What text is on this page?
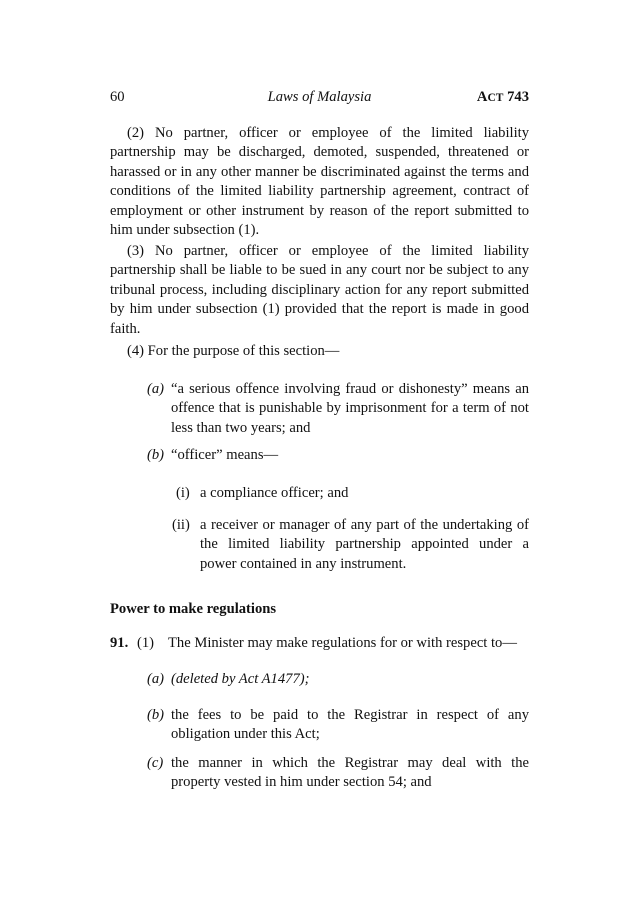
60	Laws of Malaysia	ACT 743
(2) No partner, officer or employee of the limited liability partnership may be discharged, demoted, suspended, threatened or harassed or in any other manner be discriminated against the terms and conditions of the limited liability partnership agreement, contract of employment or other instrument by reason of the report submitted to him under subsection (1).
(3) No partner, officer or employee of the limited liability partnership shall be liable to be sued in any court nor be subject to any tribunal process, including disciplinary action for any report submitted by him under subsection (1) provided that the report is made in good faith.
(4) For the purpose of this section—
(a) “a serious offence involving fraud or dishonesty” means an offence that is punishable by imprisonment for a term of not less than two years; and
(b) “officer” means—
(i) a compliance officer; and
(ii) a receiver or manager of any part of the undertaking of the limited liability partnership appointed under a power contained in any instrument.
Power to make regulations
91. (1) The Minister may make regulations for or with respect to—
(a) (deleted by Act A1477);
(b) the fees to be paid to the Registrar in respect of any obligation under this Act;
(c) the manner in which the Registrar may deal with the property vested in him under section 54; and
